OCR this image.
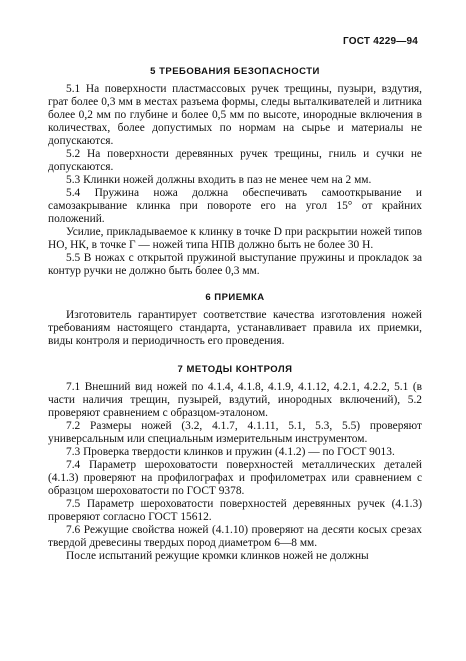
ГОСТ 4229—94
5 ТРЕБОВАНИЯ БЕЗОПАСНОСТИ

5.1 На поверхности пластмассовых ручек трещины, пузыри, вздутия, грат более 0,3 мм в местах разъема формы, следы выталкивателей и литника более 0,2 мм по глубине и более 0,5 мм по высоте, инородные включения в количествах, более допустимых по нормам на сырье и материалы не допускаются.

5.2 На поверхности деревянных ручек трещины, гниль и сучки не допускаются.

5.3 Клинки ножей должны входить в паз не менее чем на 2 мм.

5.4 Пружина ножа должна обеспечивать самооткрывание и самозакрывание клинка при повороте его на угол 15° от крайних положений.

Усилие, прикладываемое к клинку в точке D при раскрытии ножей типов НО, НК, в точке Г — ножей типа НПВ должно быть не более 30 Н.

5.5 В ножах с открытой пружиной выступание пружины и прокладок за контур ручки не должно быть более 0,3 мм.

6 ПРИЕМКА

Изготовитель гарантирует соответствие качества изготовления ножей требованиям настоящего стандарта, устанавливает правила их приемки, виды контроля и периодичность его проведения.

7 МЕТОДЫ КОНТРОЛЯ

7.1 Внешний вид ножей по 4.1.4, 4.1.8, 4.1.9, 4.1.12, 4.2.1, 4.2.2, 5.1 (в части наличия трещин, пузырей, вздутий, инородных включений), 5.2 проверяют сравнением с образцом-эталоном.

7.2 Размеры ножей (3.2, 4.1.7, 4.1.11, 5.1, 5.3, 5.5) проверяют универсальным или специальным измерительным инструментом.

7.3 Проверка твердости клинков и пружин (4.1.2) — по ГОСТ 9013.

7.4 Параметр шероховатости поверхностей металлических деталей (4.1.3) проверяют на профилографах и профилометрах или сравнением с образцом шероховатости по ГОСТ 9378.

7.5 Параметр шероховатости поверхностей деревянных ручек (4.1.3) проверяют согласно ГОСТ 15612.

7.6 Режущие свойства ножей (4.1.10) проверяют на десяти косых срезах твердой древесины твердых пород диаметром 6—8 мм.

После испытаний режущие кромки клинков ножей не должны
